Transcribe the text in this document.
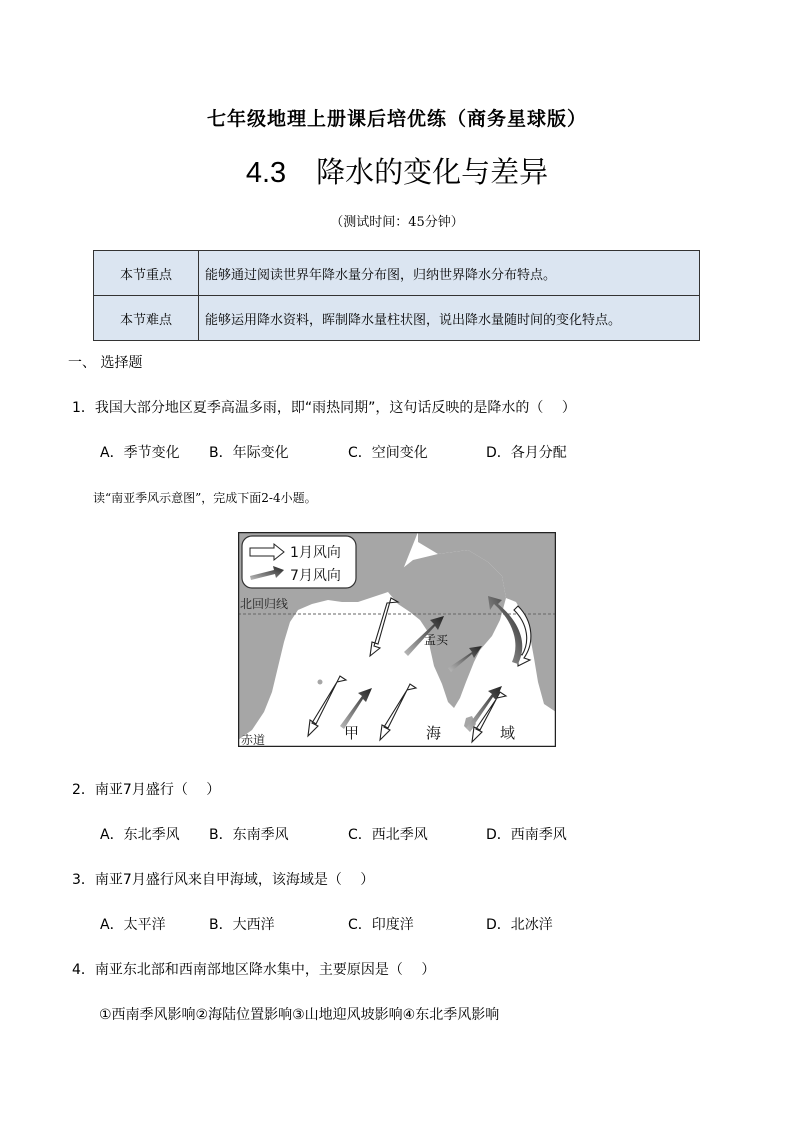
七年级地理上册课后培优练（商务星球版）
4.3 降水的变化与差异
（测试时间：45分钟）
本节重点	能够通过阅读世界年降水量分布图，归纳世界降水分布特点。
本节难点	能够运用降水资料，晖制降水量柱状图，说出降水量随时间的变化特点。
一、 选择题
1．我国大部分地区夏季高温多雨，即“雨热同期”，这句话反映的是降水的（　 ）
A．季节变化 B．年际变化	C．空间变化	D．各月分配
读“南亚季风示意图”，完成下面2-4小题。
北回归线
赤道
孟买
1月风向
7月风向
甲	海	域
2．南亚7月盛行（　 ）
A．东北季风 B．东南季风	C．西北季风	D．西南季风
3．南亚7月盛行风来自甲海域，该海域是（　 ）
A．太平洋	B．大西洋	C．印度洋	D．北冰洋
4．南亚东北部和西南部地区降水集中，主要原因是（　 ）
①西南季风影响②海陆位置影响③山地迎风坡影响④东北季风影响
